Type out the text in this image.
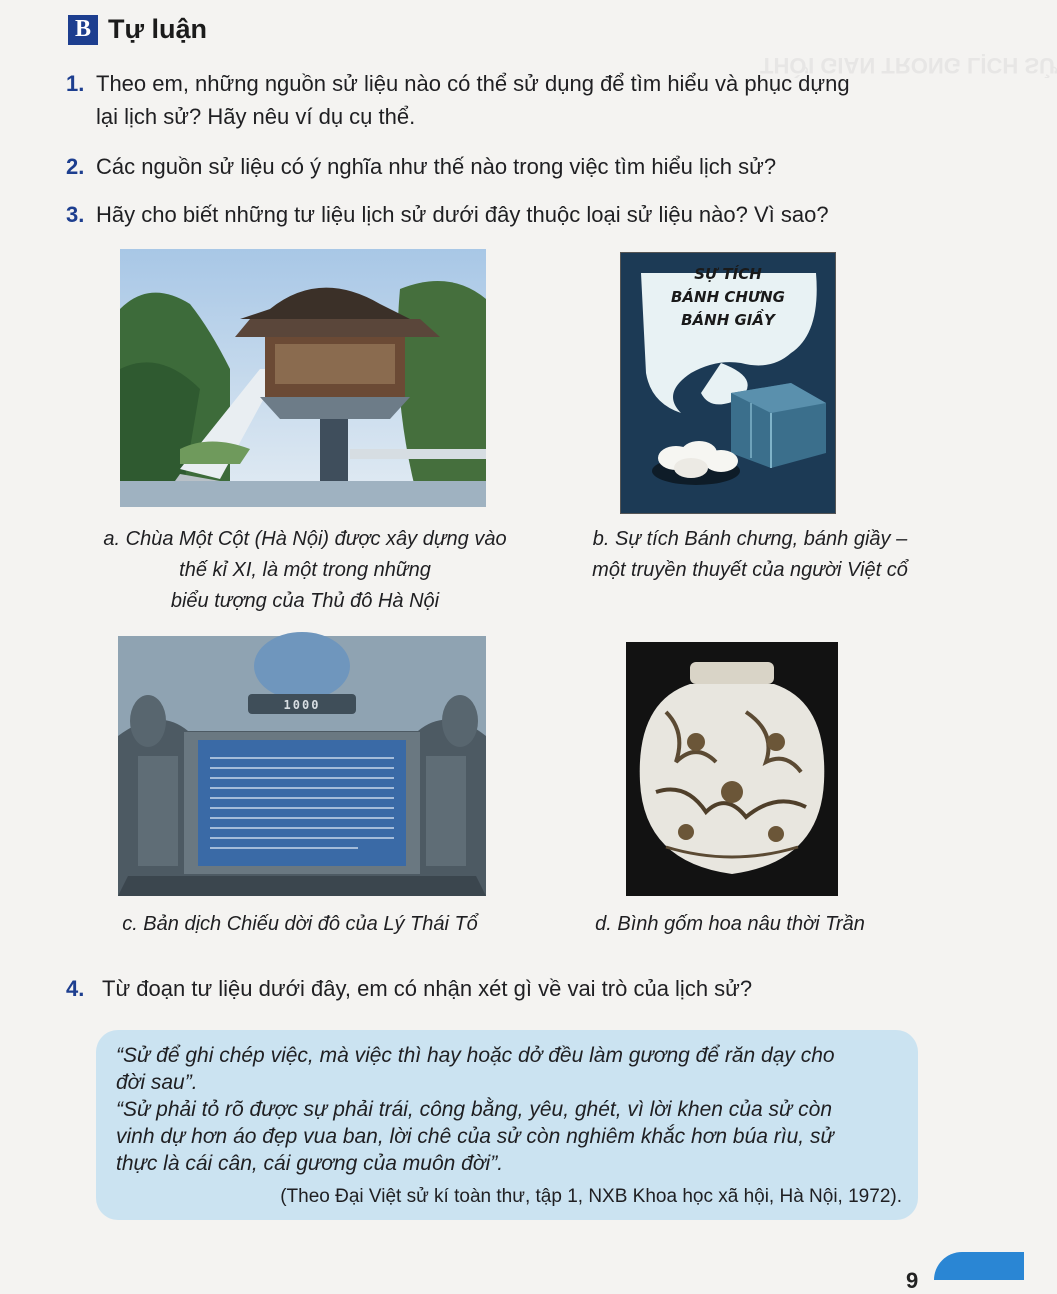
THỜI GIAN TRONG LỊCH SỬ
B Tự luận
1. Theo em, những nguồn sử liệu nào có thể sử dụng để tìm hiểu và phục dựng
lại lịch sử? Hãy nêu ví dụ cụ thể.
2. Các nguồn sử liệu có ý nghĩa như thế nào trong việc tìm hiểu lịch sử?
3. Hãy cho biết những tư liệu lịch sử dưới đây thuộc loại sử liệu nào? Vì sao?
SỰ TÍCH
BÁNH CHƯNG
BÁNH GIẦY
a. Chùa Một Cột (Hà Nội) được xây dựng vào
thế kỉ XI, là một trong những
biểu tượng của Thủ đô Hà Nội
b. Sự tích Bánh chưng, bánh giầy –
một truyền thuyết của người Việt cổ
1000
c. Bản dịch Chiếu dời đô của Lý Thái Tổ	d. Bình gốm hoa nâu thời Trần
4. Từ đoạn tư liệu dưới đây, em có nhận xét gì về vai trò của lịch sử?
“Sử để ghi chép việc, mà việc thì hay hoặc dở đều làm gương để răn dạy cho
đời sau”.
“Sử phải tỏ rõ được sự phải trái, công bằng, yêu, ghét, vì lời khen của sử còn
vinh dự hơn áo đẹp vua ban, lời chê của sử còn nghiêm khắc hơn búa rìu, sử
thực là cái cân, cái gương của muôn đời”.
(Theo Đại Việt sử kí toàn thư, tập 1, NXB Khoa học xã hội, Hà Nội, 1972).
9
